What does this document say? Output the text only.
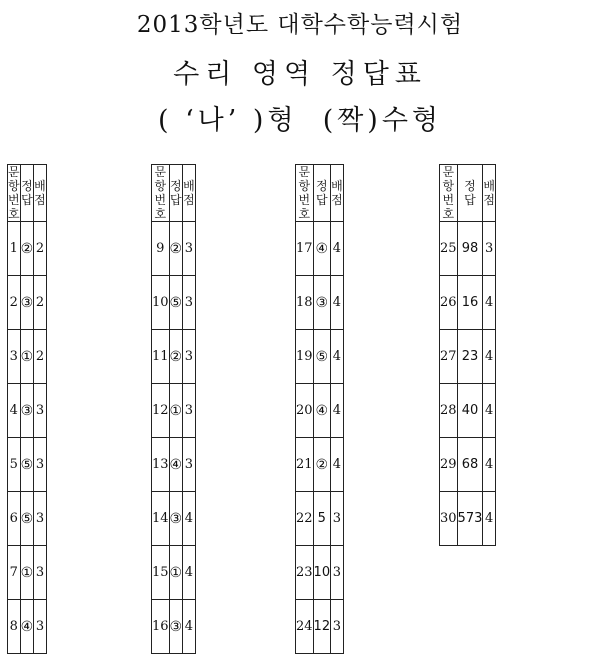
2013학년도 대학수학능력시험
수리 영역 정답표
( ‘나’ )형  (짝)수형
문항
번호	정 답	배 점
1	②	2
2	③	2
3	①	2
4	③	3
5	⑤	3
6	⑤	3
7	①	3
8	④	3
문항
번호	정 답	배 점
9	②	3
10	⑤	3
11	②	3
12	①	3
13	④	3
14	③	4
15	①	4
16	③	4
문항
번호	정 답	배 점
17	④	4
18	③	4
19	⑤	4
20	④	4
21	②	4
22	5	3
23	10	3
24	12	3
문항
번호	정 답	배 점
25	98	3
26	16	4
27	23	4
28	40	4
29	68	4
30	573	4
